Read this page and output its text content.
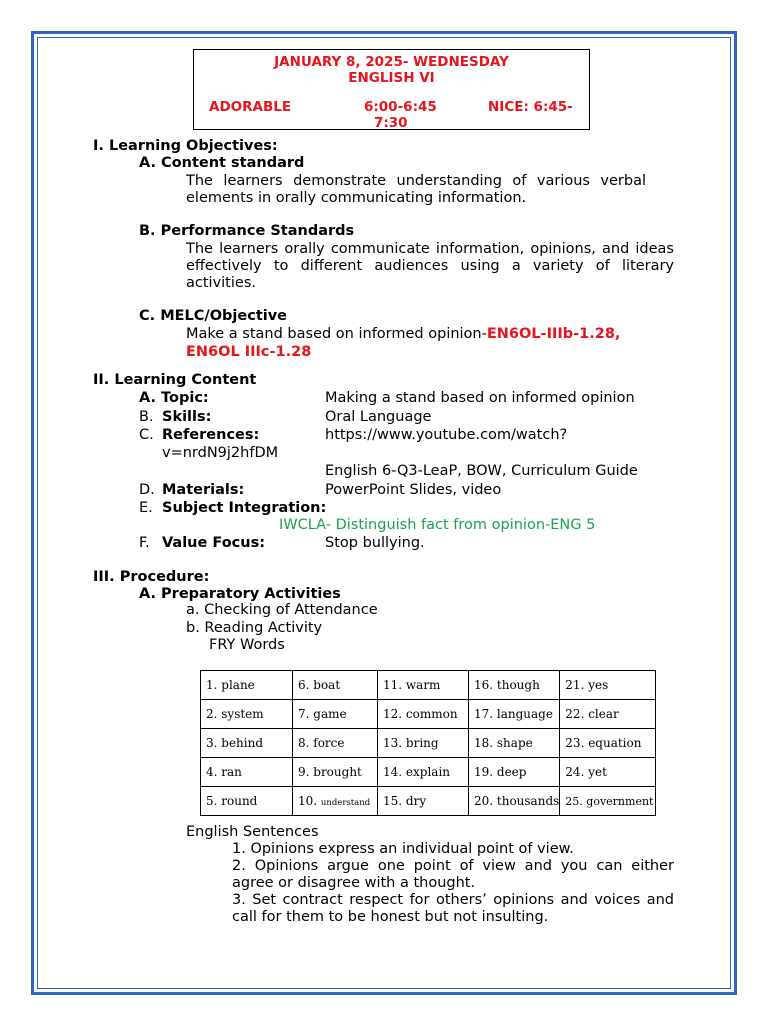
JANUARY 8, 2025- WEDNESDAY
ENGLISH VI
ADORABLE	6:00-6:45	NICE: 6:45-
7:30
I. Learning Objectives:
A. Content standard
The learners demonstrate understanding of various verbal elements in orally communicating information.
B. Performance Standards
The learners orally communicate information, opinions, and ideas effectively to different audiences using a variety of literary activities.
C. MELC/Objective
Make a stand based on informed opinion-EN6OL-IIIb-1.28,
EN6OL IIIc-1.28
II. Learning Content
A. Topic:	Making a stand based on informed opinion
B. Skills:	Oral Language
C. References:	https://www.youtube.com/watch?
v=nrdN9j2hfDM
English 6-Q3-LeaP, BOW, Curriculum Guide
D. Materials:	PowerPoint Slides, video
E. Subject Integration:
IWCLA- Distinguish fact from opinion-ENG 5
F. Value Focus:	Stop bullying.
III. Procedure:
A. Preparatory Activities
a. Checking of Attendance
b. Reading Activity
FRY Words
1. plane	6. boat	11. warm	16. though	21. yes
2. system	7. game	12. common	17. language	22. clear
3. behind	8. force	13. bring	18. shape	23. equation
4. ran	9. brought	14. explain	19. deep	24. yet
5. round	10. understand	15. dry	20. thousands	25. government
English Sentences
1. Opinions express an individual point of view.
2. Opinions argue one point of view and you can either agree or disagree with a thought.
3. Set contract respect for others’ opinions and voices and call for them to be honest but not insulting.
